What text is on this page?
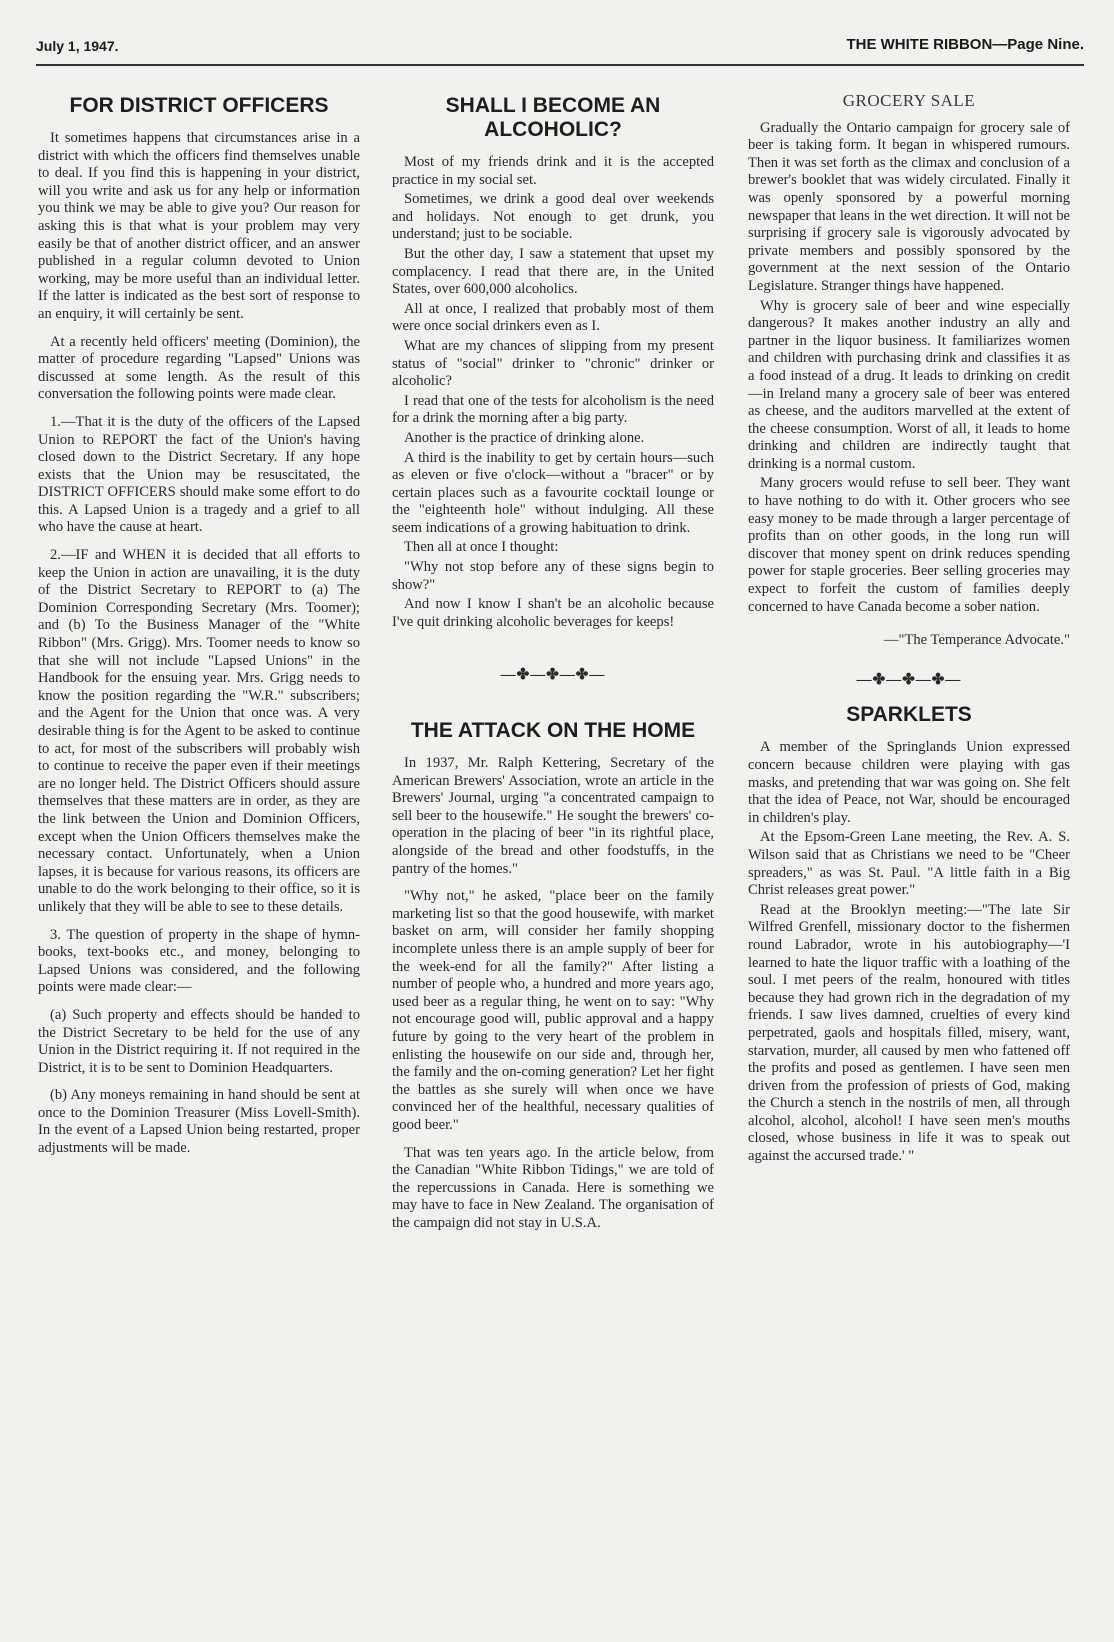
July 1, 1947.	THE WHITE RIBBON—Page Nine.
FOR DISTRICT OFFICERS

It sometimes happens that circumstances arise in a district with which the officers find themselves unable to deal. If you find this is happening in your district, will you write and ask us for any help or information you think we may be able to give you? Our reason for asking this is that what is your problem may very easily be that of another district officer, and an answer published in a regular column devoted to Union working, may be more useful than an individual letter. If the latter is indicated as the best sort of response to an enquiry, it will certainly be sent.

At a recently held officers' meeting (Dominion), the matter of procedure regarding "Lapsed" Unions was discussed at some length. As the result of this conversation the following points were made clear.

1.—That it is the duty of the officers of the Lapsed Union to REPORT the fact of the Union's having closed down to the District Secretary. If any hope exists that the Union may be resuscitated, the DISTRICT OFFICERS should make some effort to do this. A Lapsed Union is a tragedy and a grief to all who have the cause at heart.

2.—IF and WHEN it is decided that all efforts to keep the Union in action are unavailing, it is the duty of the District Secretary to REPORT to (a) The Dominion Corresponding Secretary (Mrs. Toomer); and (b) To the Business Manager of the "White Ribbon" (Mrs. Grigg). Mrs. Toomer needs to know so that she will not include "Lapsed Unions" in the Handbook for the ensuing year. Mrs. Grigg needs to know the position regarding the "W.R." subscribers; and the Agent for the Union that once was. A very desirable thing is for the Agent to be asked to continue to act, for most of the subscribers will probably wish to continue to receive the paper even if their meetings are no longer held. The District Officers should assure themselves that these matters are in order, as they are the link between the Union and Dominion Officers, except when the Union Officers themselves make the necessary contact. Unfortunately, when a Union lapses, it is because for various reasons, its officers are unable to do the work belonging to their office, so it is unlikely that they will be able to see to these details.

3. The question of property in the shape of hymn-books, text-books etc., and money, belonging to Lapsed Unions was considered, and the following points were made clear:—

(a) Such property and effects should be handed to the District Secretary to be held for the use of any Union in the District requiring it. If not required in the District, it is to be sent to Dominion Headquarters.

(b) Any moneys remaining in hand should be sent at once to the Dominion Treasurer (Miss Lovell-Smith). In the event of a Lapsed Union being restarted, proper adjustments will be made.

SHALL I BECOME AN ALCOHOLIC?

Most of my friends drink and it is the accepted practice in my social set.

Sometimes, we drink a good deal over weekends and holidays. Not enough to get drunk, you understand; just to be sociable.

But the other day, I saw a statement that upset my complacency. I read that there are, in the United States, over 600,000 alcoholics.

All at once, I realized that probably most of them were once social drinkers even as I.

What are my chances of slipping from my present status of "social" drinker to "chronic" drinker or alcoholic?

I read that one of the tests for alcoholism is the need for a drink the morning after a big party.

Another is the practice of drinking alone.

A third is the inability to get by certain hours—such as eleven or five o'clock—without a "bracer" or by certain places such as a favourite cocktail lounge or the "eighteenth hole" without indulging. All these seem indications of a growing habituation to drink.

Then all at once I thought:

"Why not stop before any of these signs begin to show?"

And now I know I shan't be an alcoholic because I've quit drinking alcoholic beverages for keeps!

—✤—✤—✤—
THE ATTACK ON THE HOME

In 1937, Mr. Ralph Kettering, Secretary of the American Brewers' Association, wrote an article in the Brewers' Journal, urging "a concentrated campaign to sell beer to the housewife." He sought the brewers' co-operation in the placing of beer "in its rightful place, alongside of the bread and other foodstuffs, in the pantry of the homes."

"Why not," he asked, "place beer on the family marketing list so that the good housewife, with market basket on arm, will consider her family shopping incomplete unless there is an ample supply of beer for the week-end for all the family?" After listing a number of people who, a hundred and more years ago, used beer as a regular thing, he went on to say: "Why not encourage good will, public approval and a happy future by going to the very heart of the problem in enlisting the housewife on our side and, through her, the family and the on-coming generation? Let her fight the battles as she surely will when once we have convinced her of the healthful, necessary qualities of good beer."

That was ten years ago. In the article below, from the Canadian "White Ribbon Tidings," we are told of the repercussions in Canada. Here is something we may have to face in New Zealand. The organisation of the campaign did not stay in U.S.A.

GROCERY SALE

Gradually the Ontario campaign for grocery sale of beer is taking form. It began in whispered rumours. Then it was set forth as the climax and conclusion of a brewer's booklet that was widely circulated. Finally it was openly sponsored by a powerful morning newspaper that leans in the wet direction. It will not be surprising if grocery sale is vigorously advocated by private members and possibly sponsored by the government at the next session of the Ontario Legislature. Stranger things have happened.

Why is grocery sale of beer and wine especially dangerous? It makes another industry an ally and partner in the liquor business. It familiarizes women and children with purchasing drink and classifies it as a food instead of a drug. It leads to drinking on credit—in Ireland many a grocery sale of beer was entered as cheese, and the auditors marvelled at the extent of the cheese consumption. Worst of all, it leads to home drinking and children are indirectly taught that drinking is a normal custom.

Many grocers would refuse to sell beer. They want to have nothing to do with it. Other grocers who see easy money to be made through a larger percentage of profits than on other goods, in the long run will discover that money spent on drink reduces spending power for staple groceries. Beer selling groceries may expect to forfeit the custom of families deeply concerned to have Canada become a sober nation.

—"The Temperance Advocate."
—✤—✤—✤—
SPARKLETS

A member of the Springlands Union expressed concern because children were playing with gas masks, and pretending that war was going on. She felt that the idea of Peace, not War, should be encouraged in children's play.

At the Epsom-Green Lane meeting, the Rev. A. S. Wilson said that as Christians we need to be "Cheer spreaders," as was St. Paul. "A little faith in a Big Christ releases great power."

Read at the Brooklyn meeting:—"The late Sir Wilfred Grenfell, missionary doctor to the fishermen round Labrador, wrote in his autobiography—'I learned to hate the liquor traffic with a loathing of the soul. I met peers of the realm, honoured with titles because they had grown rich in the degradation of my friends. I saw lives damned, cruelties of every kind perpetrated, gaols and hospitals filled, misery, want, starvation, murder, all caused by men who fattened off the profits and posed as gentlemen. I have seen men driven from the profession of priests of God, making the Church a stench in the nostrils of men, all through alcohol, alcohol, alcohol! I have seen men's mouths closed, whose business in life it was to speak out against the accursed trade.' "
